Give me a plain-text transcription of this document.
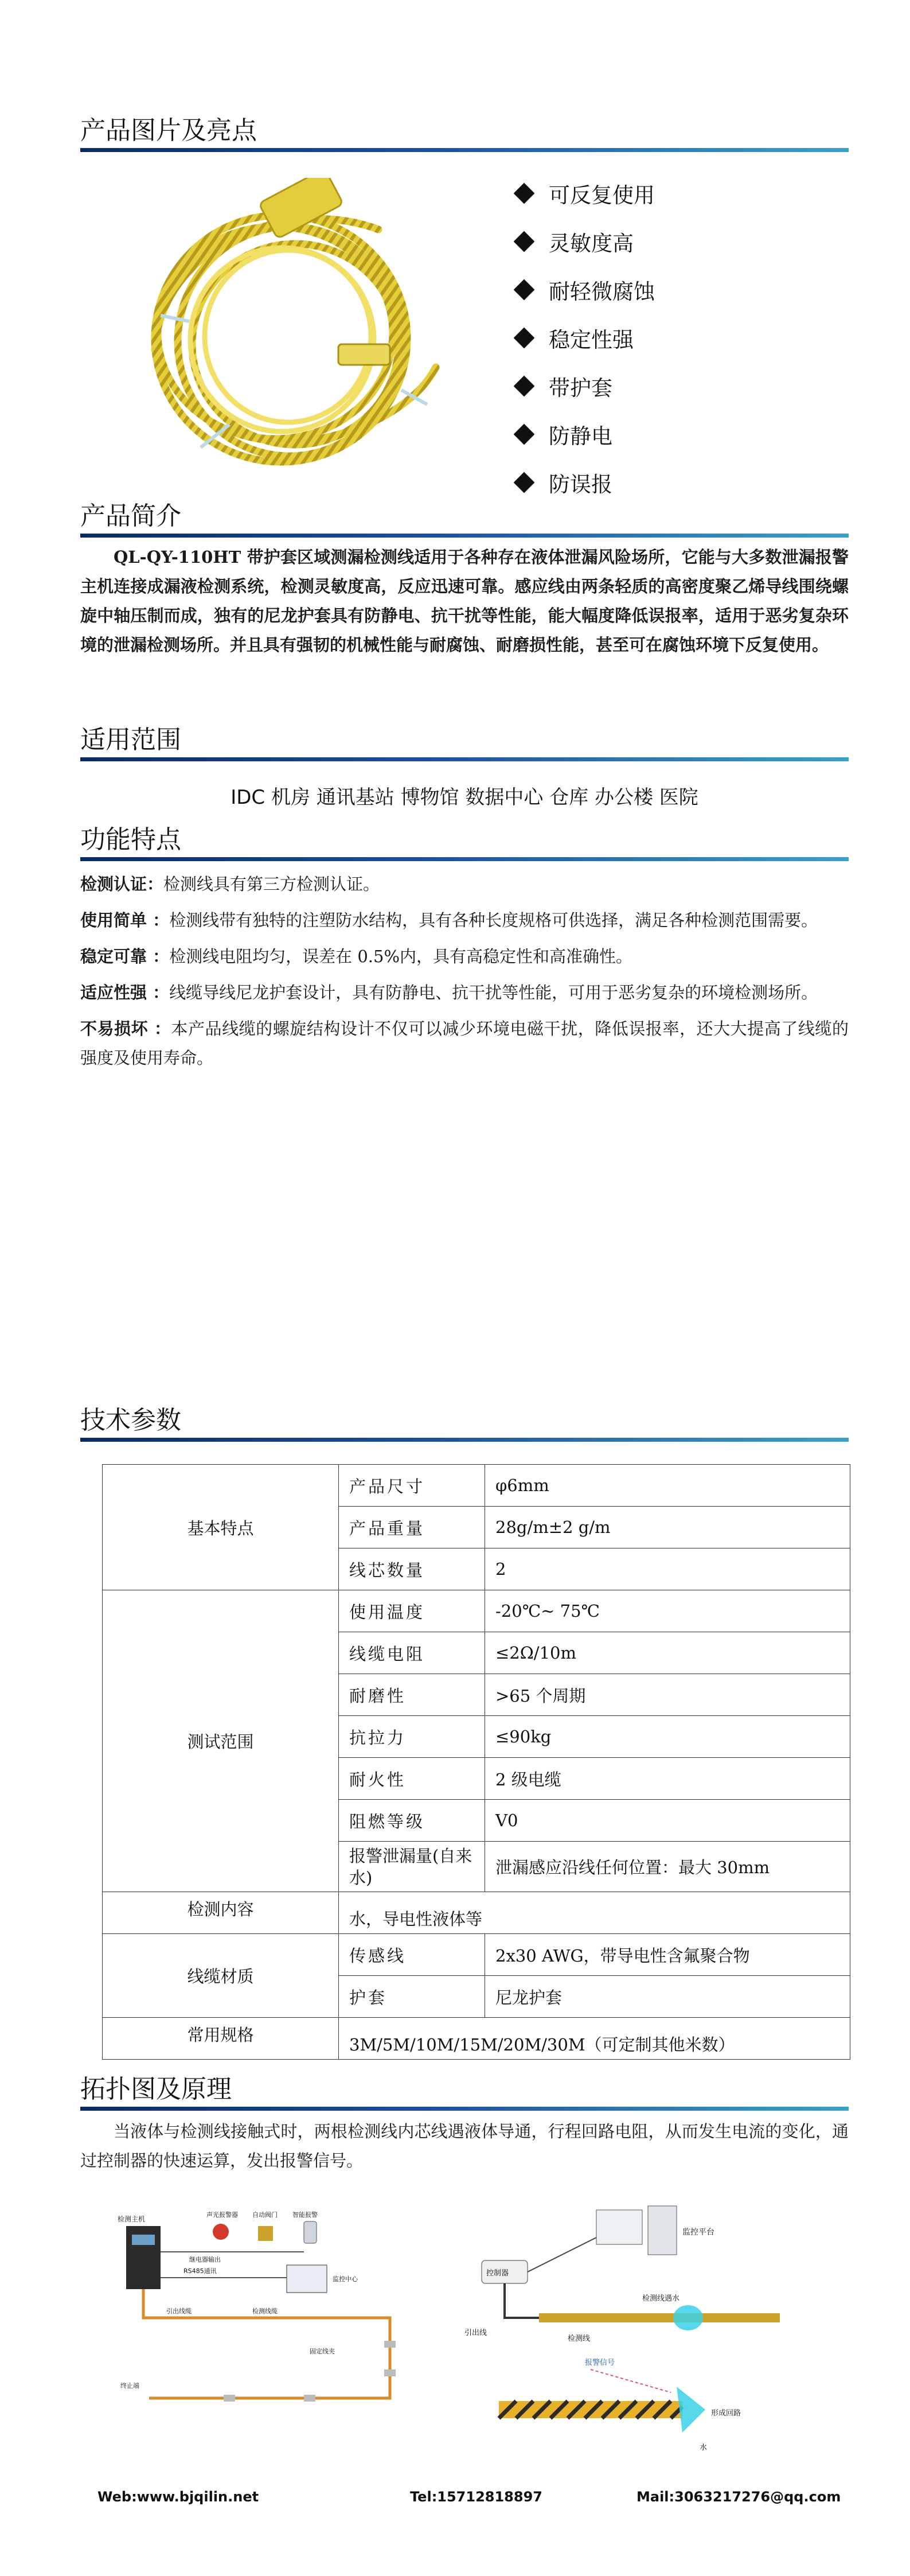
产品图片及亮点
可反复使用
灵敏度高
耐轻微腐蚀
稳定性强
带护套
防静电
防误报
产品简介
QL-QY-110HT 带护套区域测漏检测线适用于各种存在液体泄漏风险场所，它能与大多数泄漏报警主机连接成漏液检测系统，检测灵敏度高，反应迅速可靠。感应线由两条轻质的高密度聚乙烯导线围绕螺旋中轴压制而成，独有的尼龙护套具有防静电、抗干扰等性能，能大幅度降低误报率，适用于恶劣复杂环境的泄漏检测场所。并且具有强韧的机械性能与耐腐蚀、耐磨损性能，甚至可在腐蚀环境下反复使用。
适用范围
IDC 机房 通讯基站 博物馆 数据中心 仓库 办公楼 医院
功能特点
检测认证：检测线具有第三方检测认证。
使用简单 ：检测线带有独特的注塑防水结构，具有各种长度规格可供选择，满足各种检测范围需要。
稳定可靠 ：检测线电阻均匀，误差在 0.5%内，具有高稳定性和高准确性。
适应性强 ：线缆导线尼龙护套设计，具有防静电、抗干扰等性能，可用于恶劣复杂的环境检测场所。
不易损坏 ：本产品线缆的螺旋结构设计不仅可以减少环境电磁干扰，降低误报率，还大大提高了线缆的强度及使用寿命。
技术参数
基本特点	产品尺寸	φ6mm
	产品重量	28g/m±2 g/m
	线芯数量	2
测试范围	使用温度	-20℃~ 75℃
	线缆电阻	≤2Ω/10m
	耐磨性	>65 个周期
	抗拉力	≤90kg
	耐火性	2 级电缆
	阻燃等级	V0
	报警泄漏量(自来水)	泄漏感应沿线任何位置：最大 30mm
检测内容	水，导电性液体等	
线缆材质	传感线	2x30 AWG，带导电性含氟聚合物
	护套	尼龙护套
常用规格	3M/5M/10M/15M/20M/30M（可定制其他米数）	
拓扑图及原理
当液体与检测线接触式时，两根检测线内芯线遇液体导通，行程回路电阻，从而发生电流的变化，通过控制器的快速运算，发出报警信号。
检测主机
声光报警器 自动阀门 智能报警
继电器输出
监控中心
RS485通讯
引出线缆	检测线缆
固定线夹
终止端
监控平台
控制器
引出线
检测线
检测线遇水
报警信号
形成回路
水
Web:www.bjqilin.net	Tel:15712818897	Mail:3063217276@qq.com
